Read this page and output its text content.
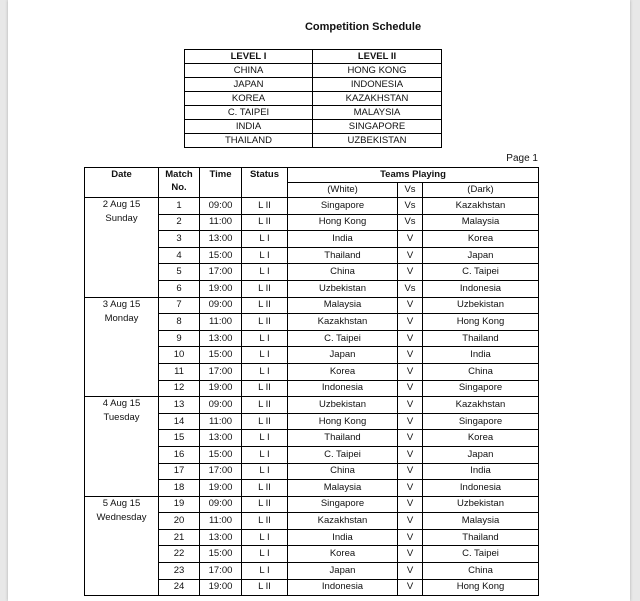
Competition Schedule
LEVEL I	LEVEL II
CHINA	HONG KONG
JAPAN	INDONESIA
KOREA	KAZAKHSTAN
C. TAIPEI	MALAYSIA
INDIA	SINGAPORE
THAILAND	UZBEKISTAN
Page 1
Date	Match No.	Time	Status	Teams Playing		
				(White)	Vs	(Dark)

2 Aug 15
Sunday	1	09:00	L II	Singapore	Vs	Kazakhstan
	2	11:00	L II	Hong Kong	Vs	Malaysia
	3	13:00	L I	India	V	Korea
	4	15:00	L I	Thailand	V	Japan
	5	17:00	L I	China	V	C. Taipei
	6	19:00	L II	Uzbekistan	Vs	Indonesia

3 Aug 15
Monday	7	09:00	L II	Malaysia	V	Uzbekistan
	8	11:00	L II	Kazakhstan	V	Hong Kong
	9	13:00	L I	C. Taipei	V	Thailand
	10	15:00	L I	Japan	V	India
	11	17:00	L I	Korea	V	China
	12	19:00	L II	Indonesia	V	Singapore

4 Aug 15
Tuesday	13	09:00	L II	Uzbekistan	V	Kazakhstan
	14	11:00	L II	Hong Kong	V	Singapore
	15	13:00	L I	Thailand	V	Korea
	16	15:00	L I	C. Taipei	V	Japan
	17	17:00	L I	China	V	India
	18	19:00	L II	Malaysia	V	Indonesia

5 Aug 15
Wednesday	19	09:00	L II	Singapore	V	Uzbekistan
	20	11:00	L II	Kazakhstan	V	Malaysia
	21	13:00	L I	India	V	Thailand
	22	15:00	L I	Korea	V	C. Taipei
	23	17:00	L I	Japan	V	China
	24	19:00	L II	Indonesia	V	Hong Kong
